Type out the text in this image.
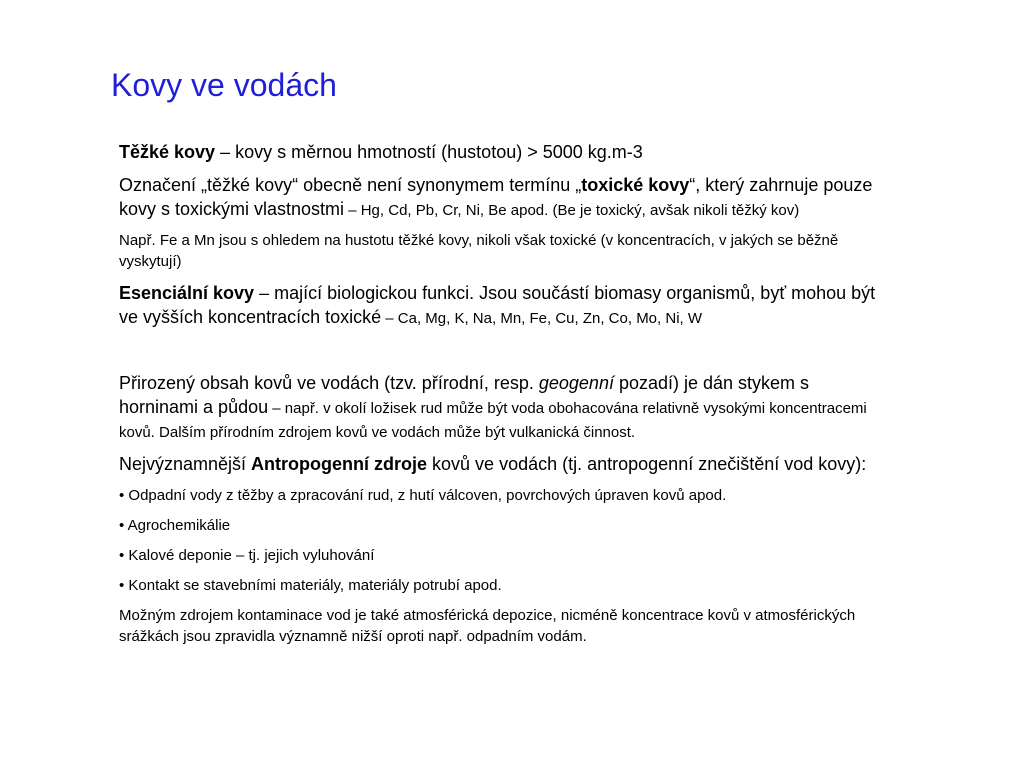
Kovy ve vodách

Těžké kovy – kovy s měrnou hmotností (hustotou) > 5000 kg.m-3

Označení „těžké kovy“ obecně není synonymem termínu „toxické kovy“, který zahrnuje pouze kovy s toxickými vlastnostmi – Hg, Cd, Pb, Cr, Ni, Be apod. (Be je toxický, avšak nikoli těžký kov)

Např. Fe a Mn jsou s ohledem na hustotu těžké kovy, nikoli však toxické (v koncentracích, v jakých se běžně vyskytují)

Esenciální kovy – mající biologickou funkci. Jsou součástí biomasy organismů, byť mohou být ve vyšších koncentracích toxické – Ca, Mg, K, Na, Mn, Fe, Cu, Zn, Co, Mo, Ni, W

Přirozený obsah kovů ve vodách (tzv. přírodní, resp. geogenní pozadí) je dán stykem s horninami a půdou – např. v okolí ložisek rud může být voda obohacována relativně vysokými koncentracemi kovů. Dalším přírodním zdrojem kovů ve vodách může být vulkanická činnost.

Nejvýznamnější Antropogenní zdroje kovů ve vodách (tj. antropogenní znečištění vod kovy):

• Odpadní vody z těžby a zpracování rud, z hutí válcoven, povrchových úpraven kovů apod.

• Agrochemikálie

• Kalové deponie – tj. jejich vyluhování

• Kontakt se stavebními materiály, materiály potrubí apod.

Možným zdrojem kontaminace vod je také atmosférická depozice, nicméně koncentrace kovů v atmosférických srážkách jsou zpravidla významně nižší oproti např. odpadním vodám.
